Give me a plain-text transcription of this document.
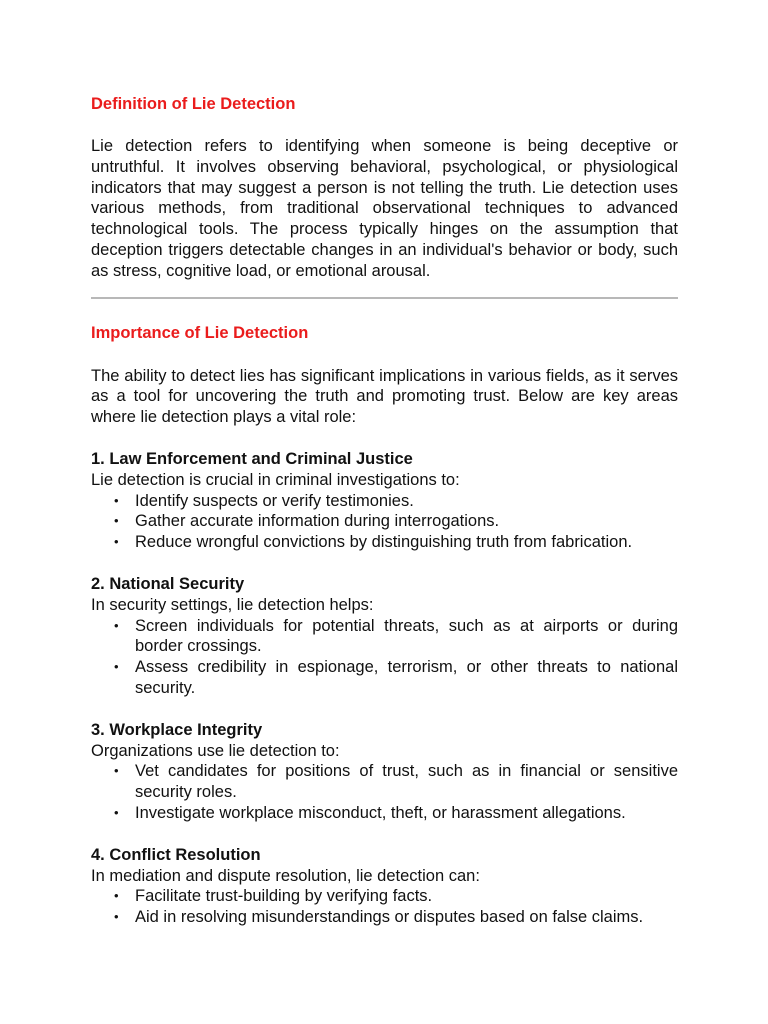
Definition of Lie Detection

Lie detection refers to identifying when someone is being deceptive or untruthful. It involves observing behavioral, psychological, or physiological indicators that may suggest a person is not telling the truth. Lie detection uses various methods, from traditional observational techniques to advanced technological tools. The process typically hinges on the assumption that deception triggers detectable changes in an individual's behavior or body, such as stress, cognitive load, or emotional arousal.

Importance of Lie Detection

The ability to detect lies has significant implications in various fields, as it serves as a tool for uncovering the truth and promoting trust. Below are key areas where lie detection plays a vital role:

1. Law Enforcement and Criminal Justice
Lie detection is crucial in criminal investigations to:
• Identify suspects or verify testimonies.
• Gather accurate information during interrogations.
• Reduce wrongful convictions by distinguishing truth from fabrication.
2. National Security
In security settings, lie detection helps:
• Screen individuals for potential threats, such as at airports or during border crossings.
• Assess credibility in espionage, terrorism, or other threats to national security.
3. Workplace Integrity
Organizations use lie detection to:
• Vet candidates for positions of trust, such as in financial or sensitive security roles.
• Investigate workplace misconduct, theft, or harassment allegations.
4. Conflict Resolution
In mediation and dispute resolution, lie detection can:
• Facilitate trust-building by verifying facts.
• Aid in resolving misunderstandings or disputes based on false claims.
